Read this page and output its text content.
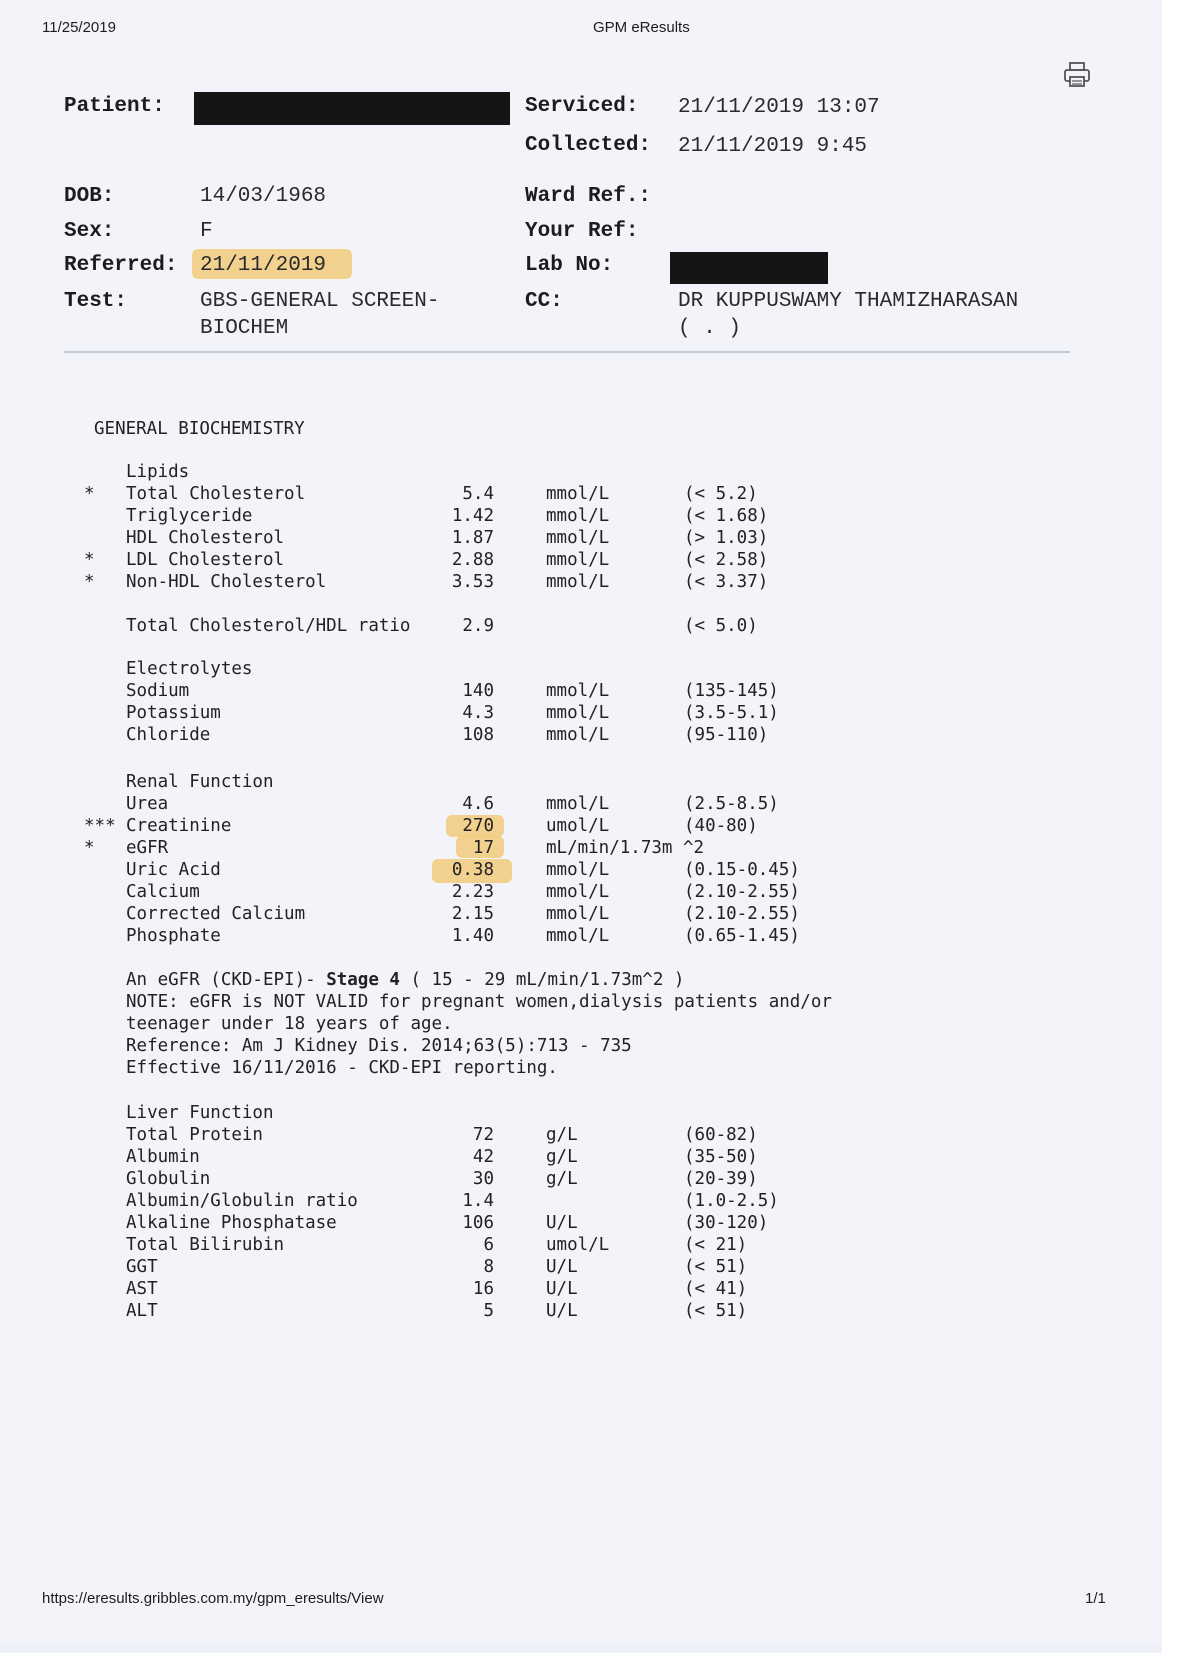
11/25/2019	GPM eResults
https://eresults.gribbles.com.my/gpm_eresults/View	1/1
Patient:	Serviced: 21/11/2019 13:07
Collected: 21/11/2019 9:45
DOB:	14/03/1968	Ward Ref.:
Sex:	F	Your Ref:
Referred: 21/11/2019	Lab No:
Test:	GBS-GENERAL SCREEN-
BIOCHEM
CC:	DR KUPPUSWAMY THAMIZHARASAN
( . )
GENERAL BIOCHEMISTRY
Lipids
* Total Cholesterol	5.4	mmol/L	(< 5.2)
Triglyceride	1.42	mmol/L	(< 1.68)
HDL Cholesterol	1.87	mmol/L	(> 1.03)
* LDL Cholesterol	2.88	mmol/L	(< 2.58)
* Non-HDL Cholesterol	3.53	mmol/L	(< 3.37)
Total Cholesterol/HDL ratio	2.9	(< 5.0)
Electrolytes
Sodium	140	mmol/L	(135-145)
Potassium	4.3	mmol/L	(3.5-5.1)
Chloride	108	mmol/L	(95-110)
Renal Function
Urea	4.6	mmol/L	(2.5-8.5)
*** Creatinine	270	umol/L	(40-80)
* eGFR	17	mL/min/1.73m ^2
Uric Acid	0.38	mmol/L	(0.15-0.45)
Calcium	2.23	mmol/L	(2.10-2.55)
Corrected Calcium	2.15	mmol/L	(2.10-2.55)
Phosphate	1.40	mmol/L	(0.65-1.45)
Liver Function
Total Protein	72	g/L	(60-82)
Albumin	42	g/L	(35-50)
Globulin	30	g/L	(20-39)
Albumin/Globulin ratio	1.4	(1.0-2.5)
Alkaline Phosphatase	106	U/L	(30-120)
Total Bilirubin	6	umol/L	(< 21)
GGT	8	U/L	(< 51)
AST	16	U/L	(< 41)
ALT	5	U/L	(< 51)
An eGFR (CKD-EPI)- Stage 4 ( 15 - 29 mL/min/1.73m^2 )
NOTE: eGFR is NOT VALID for pregnant women,dialysis patients and/or
teenager under 18 years of age.
Reference: Am J Kidney Dis. 2014;63(5):713 - 735
Effective 16/11/2016 - CKD-EPI reporting.
